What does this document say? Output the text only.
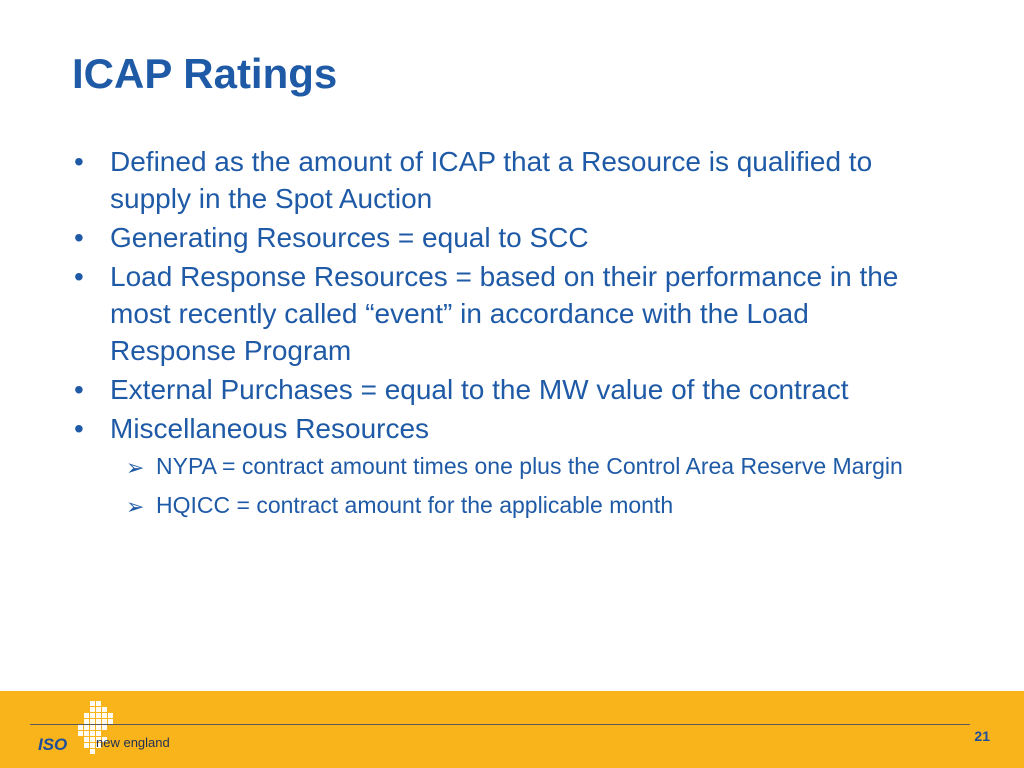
ICAP Ratings
• Defined as the amount of ICAP that a Resource is qualified to supply in the Spot Auction
• Generating Resources = equal to SCC
• Load Response Resources = based on their performance in the most recently called “event” in accordance with the Load Response Program
• External Purchases = equal to the MW value of the contract
• Miscellaneous Resources
➢ NYPA = contract amount times one plus the Control Area Reserve Margin
➢ HQICC = contract amount for the applicable month
ISO new england	21
